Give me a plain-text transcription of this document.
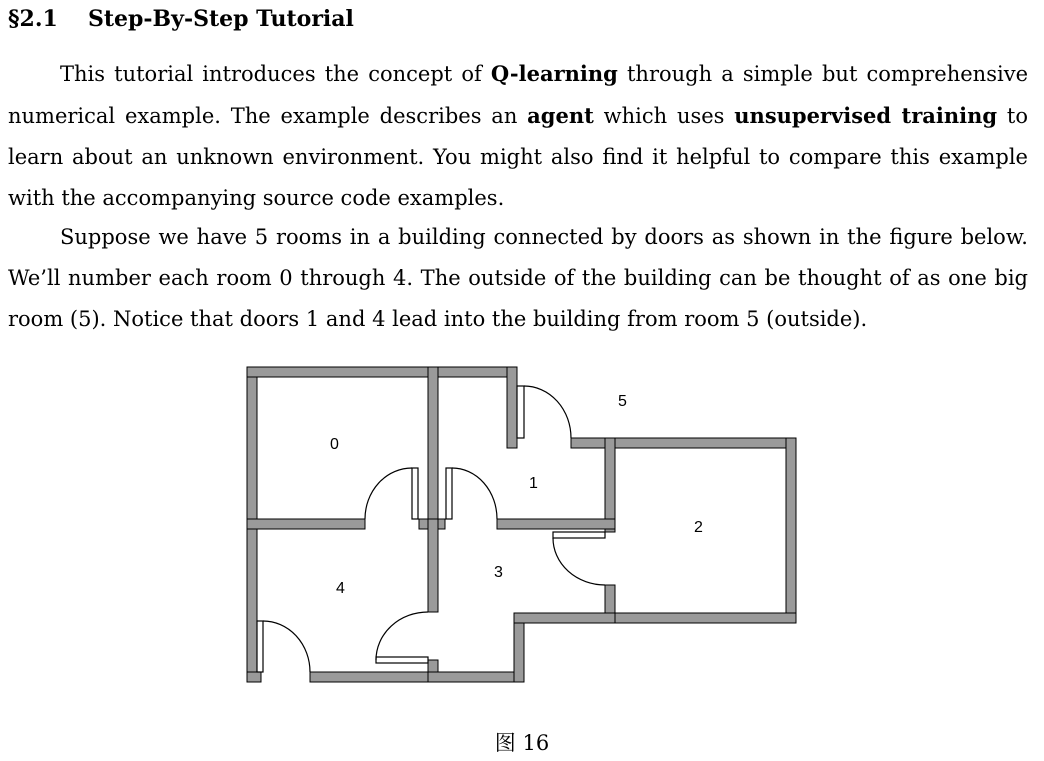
§2.1 Step-By-Step Tutorial

This tutorial introduces the concept of Q-learning through a simple but comprehensive numerical example. The example describes an agent which uses unsupervised training to learn about an unknown environment. You might also find it helpful to compare this example with the accompanying source code examples.

Suppose we have 5 rooms in a building connected by doors as shown in the figure below. We’ll number each room 0 through 4. The outside of the building can be thought of as one big room (5). Notice that doors 1 and 4 lead into the building from room 5 (outside).

0
1
2
3
4
5
图 16
